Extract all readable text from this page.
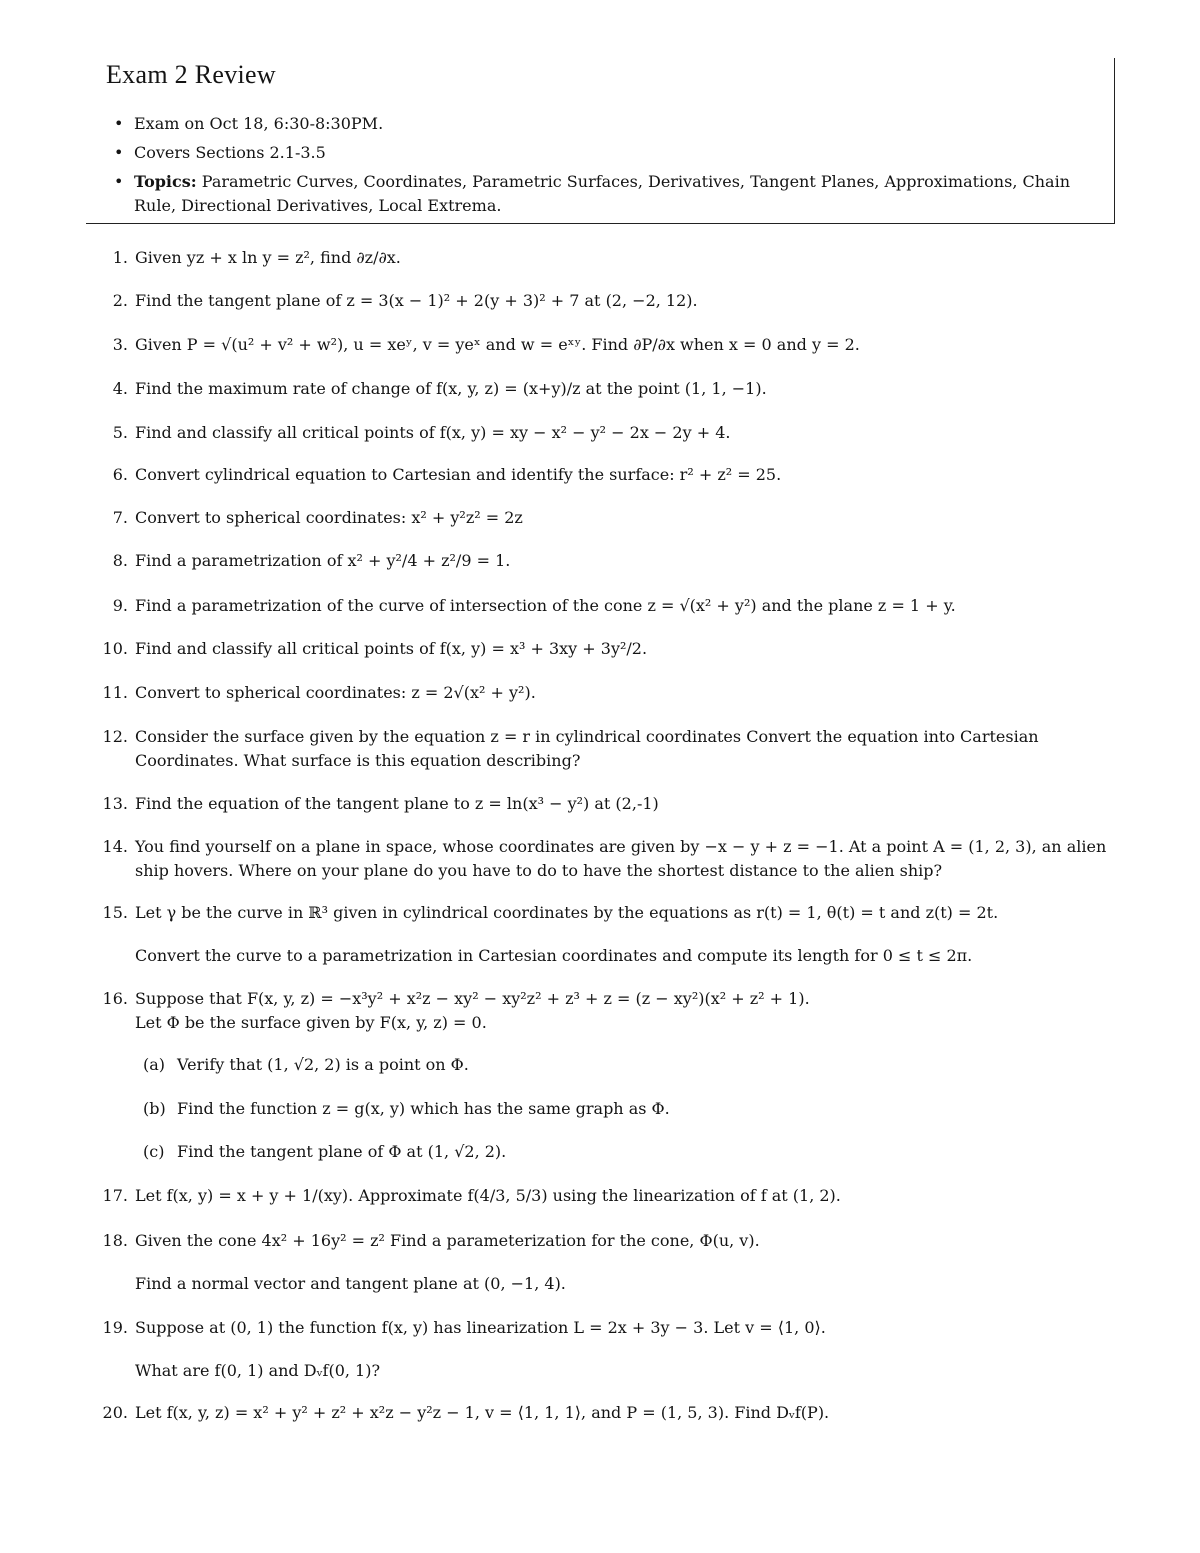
Exam 2 Review
• Exam on Oct 18, 6:30-8:30PM.
• Covers Sections 2.1-3.5
• Topics: Parametric Curves, Coordinates, Parametric Surfaces, Derivatives, Tangent Planes, Approximations, Chain Rule, Directional Derivatives, Local Extrema.
1. Given yz + x ln y = z², find ∂z/∂x.
2. Find the tangent plane of z = 3(x − 1)² + 2(y + 3)² + 7 at (2, −2, 12).
3. Given P = √(u² + v² + w²), u = xeʸ, v = yeˣ and w = eˣʸ. Find ∂P/∂x when x = 0 and y = 2.
4. Find the maximum rate of change of f(x, y, z) = (x+y)/z at the point (1, 1, −1).
5. Find and classify all critical points of f(x, y) = xy − x² − y² − 2x − 2y + 4.
6. Convert cylindrical equation to Cartesian and identify the surface: r² + z² = 25.
7. Convert to spherical coordinates: x² + y²z² = 2z
8. Find a parametrization of x² + y²/4 + z²/9 = 1.
9. Find a parametrization of the curve of intersection of the cone z = √(x² + y²) and the plane z = 1 + y.
10. Find and classify all critical points of f(x, y) = x³ + 3xy + 3y²/2.
11. Convert to spherical coordinates: z = 2√(x² + y²).
12. Consider the surface given by the equation z = r in cylindrical coordinates Convert the equation into Cartesian Coordinates. What surface is this equation describing?
13. Find the equation of the tangent plane to z = ln(x³ − y²) at (2,-1)
14. You find yourself on a plane in space, whose coordinates are given by −x − y + z = −1. At a point A = (1, 2, 3), an alien ship hovers. Where on your plane do you have to do to have the shortest distance to the alien ship?
15. Let γ be the curve in ℝ³ given in cylindrical coordinates by the equations as r(t) = 1, θ(t) = t and z(t) = 2t.
Convert the curve to a parametrization in Cartesian coordinates and compute its length for 0 ≤ t ≤ 2π.
16. Suppose that F(x, y, z) = −x³y² + x²z − xy² − xy²z² + z³ + z = (z − xy²)(x² + z² + 1).
Let Φ be the surface given by F(x, y, z) = 0.
(a) Verify that (1, √2, 2) is a point on Φ.
(b) Find the function z = g(x, y) which has the same graph as Φ.
(c) Find the tangent plane of Φ at (1, √2, 2).
17. Let f(x, y) = x + y + 1/(xy). Approximate f(4/3, 5/3) using the linearization of f at (1, 2).
18. Given the cone 4x² + 16y² = z² Find a parameterization for the cone, Φ(u, v).
Find a normal vector and tangent plane at (0, −1, 4).
19. Suppose at (0, 1) the function f(x, y) has linearization L = 2x + 3y − 3. Let v = ⟨1, 0⟩.
What are f(0, 1) and Dᵥf(0, 1)?
20. Let f(x, y, z) = x² + y² + z² + x²z − y²z − 1, v = ⟨1, 1, 1⟩, and P = (1, 5, 3). Find Dᵥf(P).
